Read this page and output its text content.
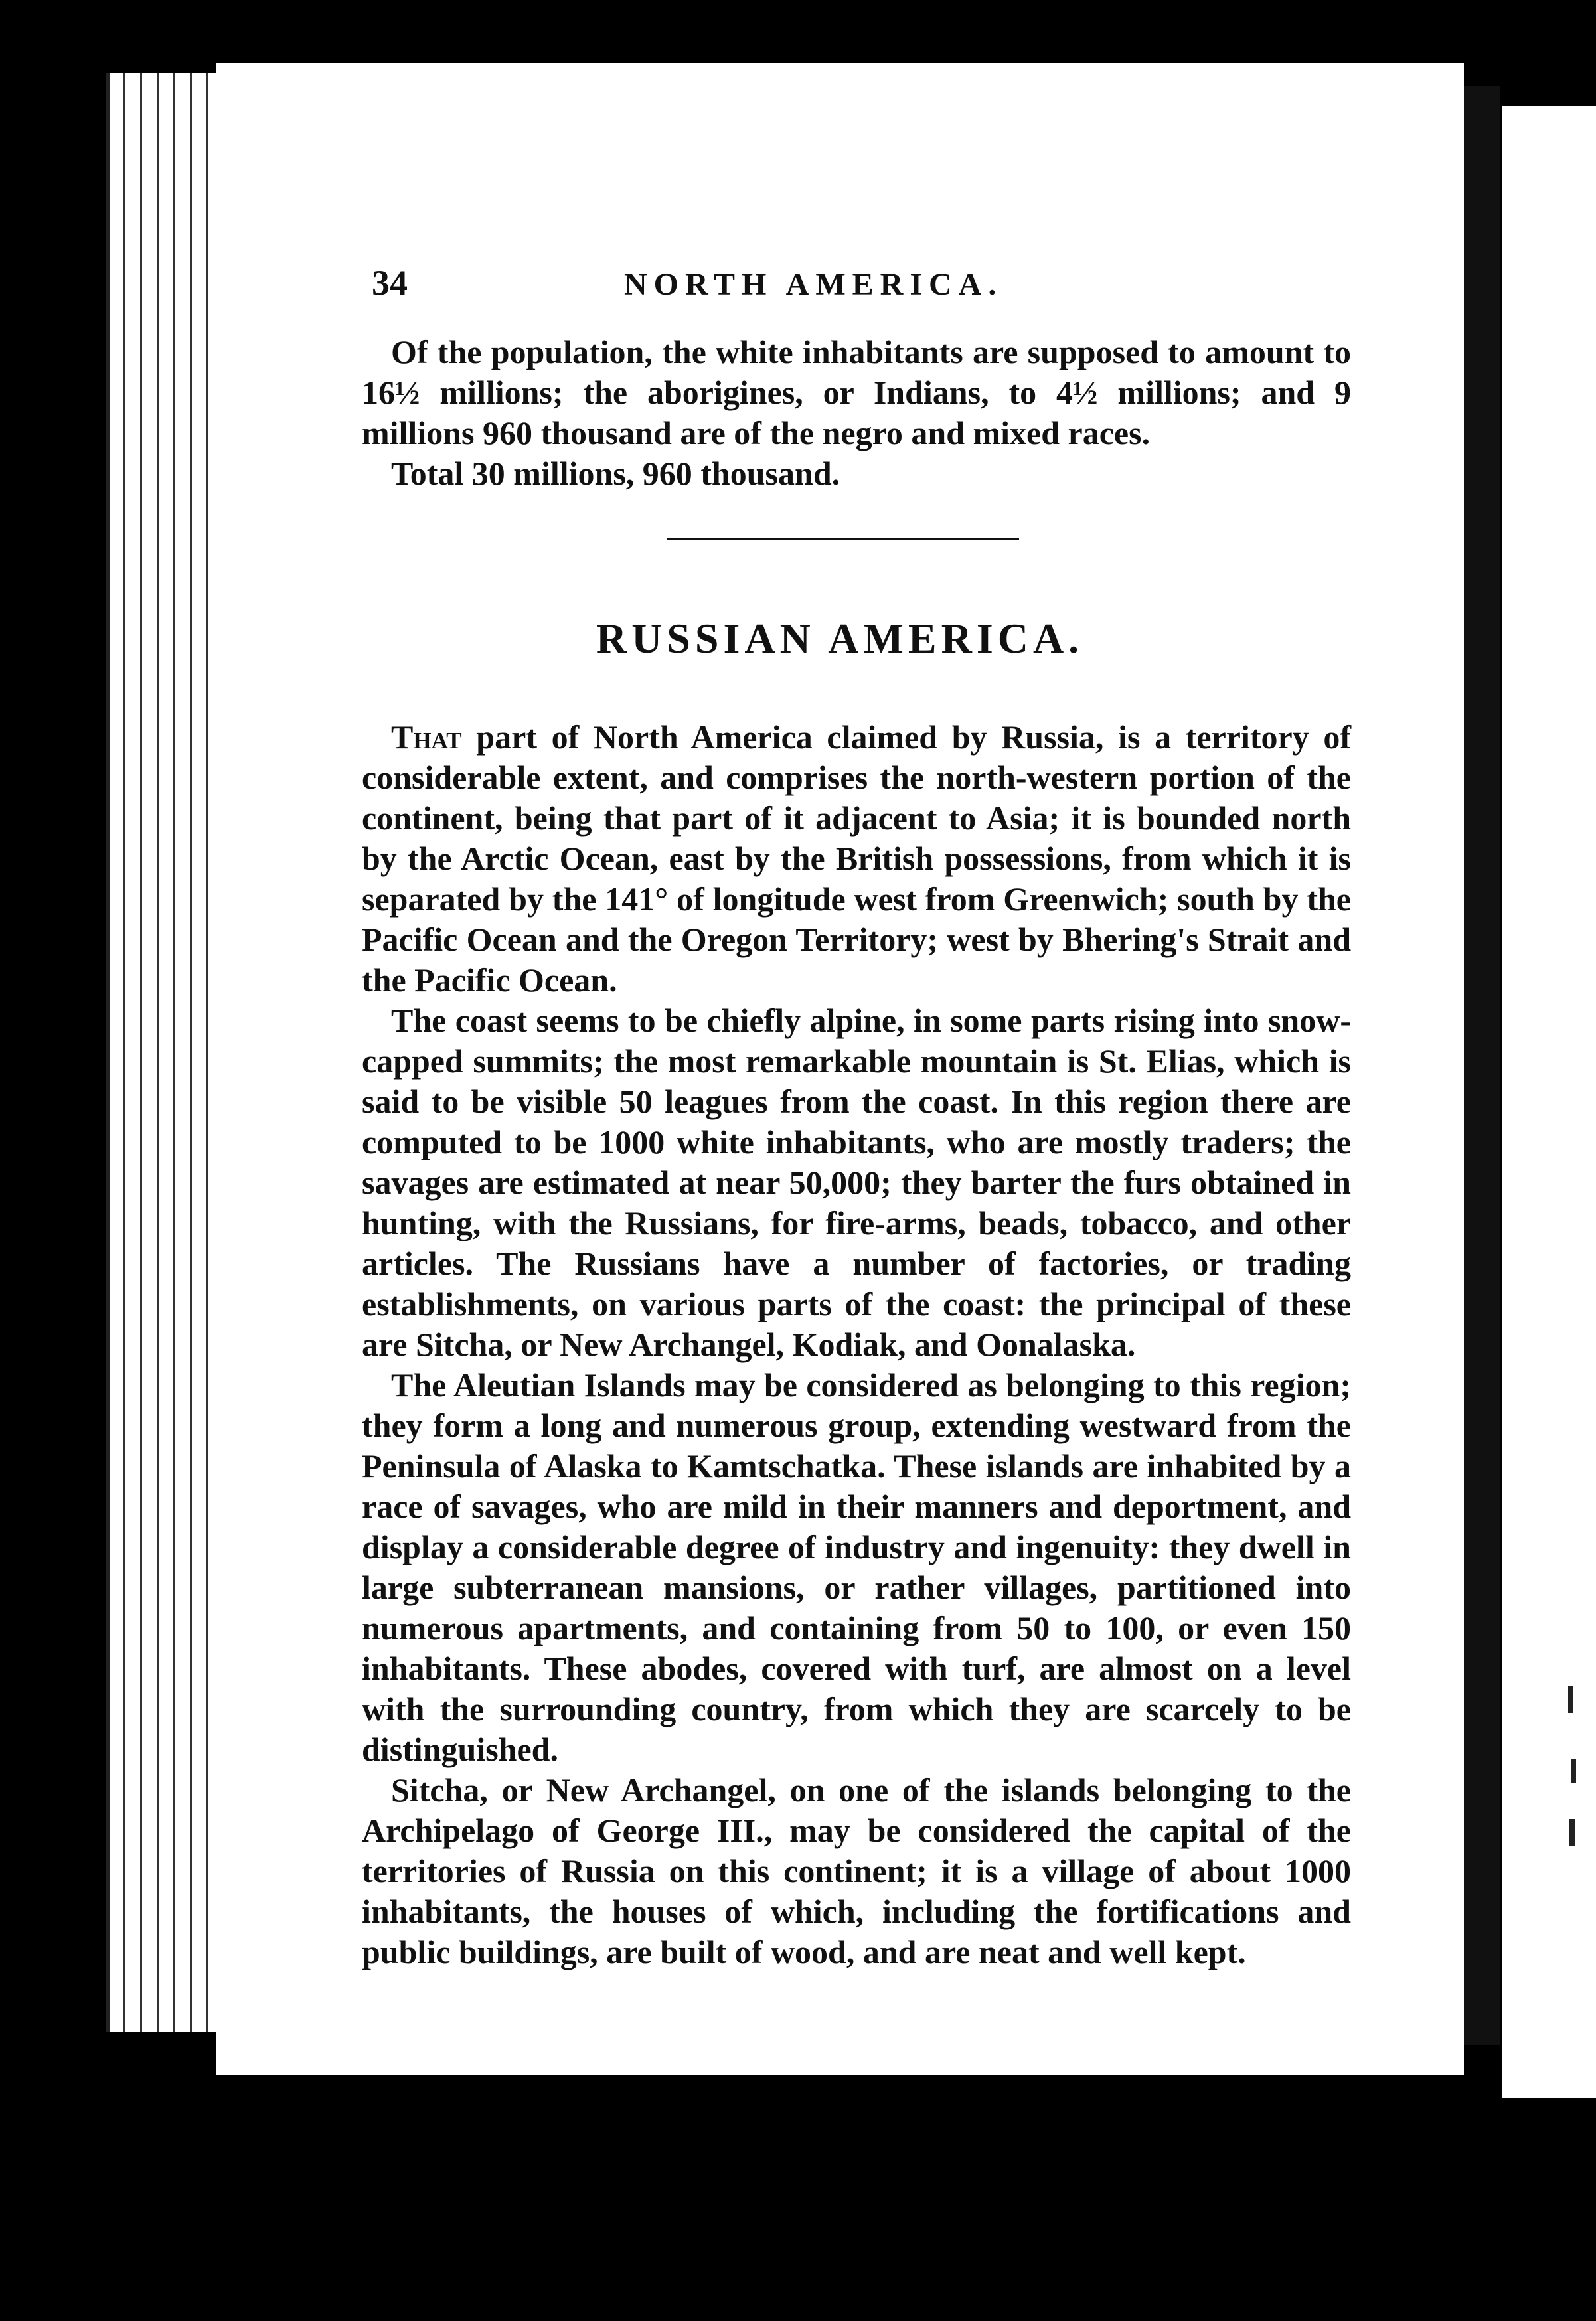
34	NORTH AMERICA.

Of the population, the white inhabitants are supposed to amount to 16½ millions; the aborigines, or Indians, to 4½ millions; and 9 millions 960 thousand are of the negro and mixed races.

Total 30 millions, 960 thousand.

RUSSIAN AMERICA.

That part of North America claimed by Russia, is a territory of considerable extent, and comprises the north-western portion of the continent, being that part of it adjacent to Asia; it is bounded north by the Arctic Ocean, east by the British possessions, from which it is separated by the 141° of longitude west from Greenwich; south by the Pacific Ocean and the Oregon Territory; west by Bhering's Strait and the Pacific Ocean.

The coast seems to be chiefly alpine, in some parts rising into snow-capped summits; the most remarkable mountain is St. Elias, which is said to be visible 50 leagues from the coast. In this region there are computed to be 1000 white inhabitants, who are mostly traders; the savages are estimated at near 50,000; they barter the furs obtained in hunting, with the Russians, for fire-arms, beads, tobacco, and other articles. The Russians have a number of factories, or trading establishments, on various parts of the coast: the principal of these are Sitcha, or New Archangel, Kodiak, and Oonalaska.

The Aleutian Islands may be considered as belonging to this region; they form a long and numerous group, extending westward from the Peninsula of Alaska to Kamtschatka. These islands are inhabited by a race of savages, who are mild in their manners and deportment, and display a considerable degree of industry and ingenuity: they dwell in large subterranean mansions, or rather villages, partitioned into numerous apartments, and containing from 50 to 100, or even 150 inhabitants. These abodes, covered with turf, are almost on a level with the surrounding country, from which they are scarcely to be distinguished.

Sitcha, or New Archangel, on one of the islands belonging to the Archipelago of George III., may be considered the capital of the territories of Russia on this continent; it is a village of about 1000 inhabitants, the houses of which, including the fortifications and public buildings, are built of wood, and are neat and well kept.
